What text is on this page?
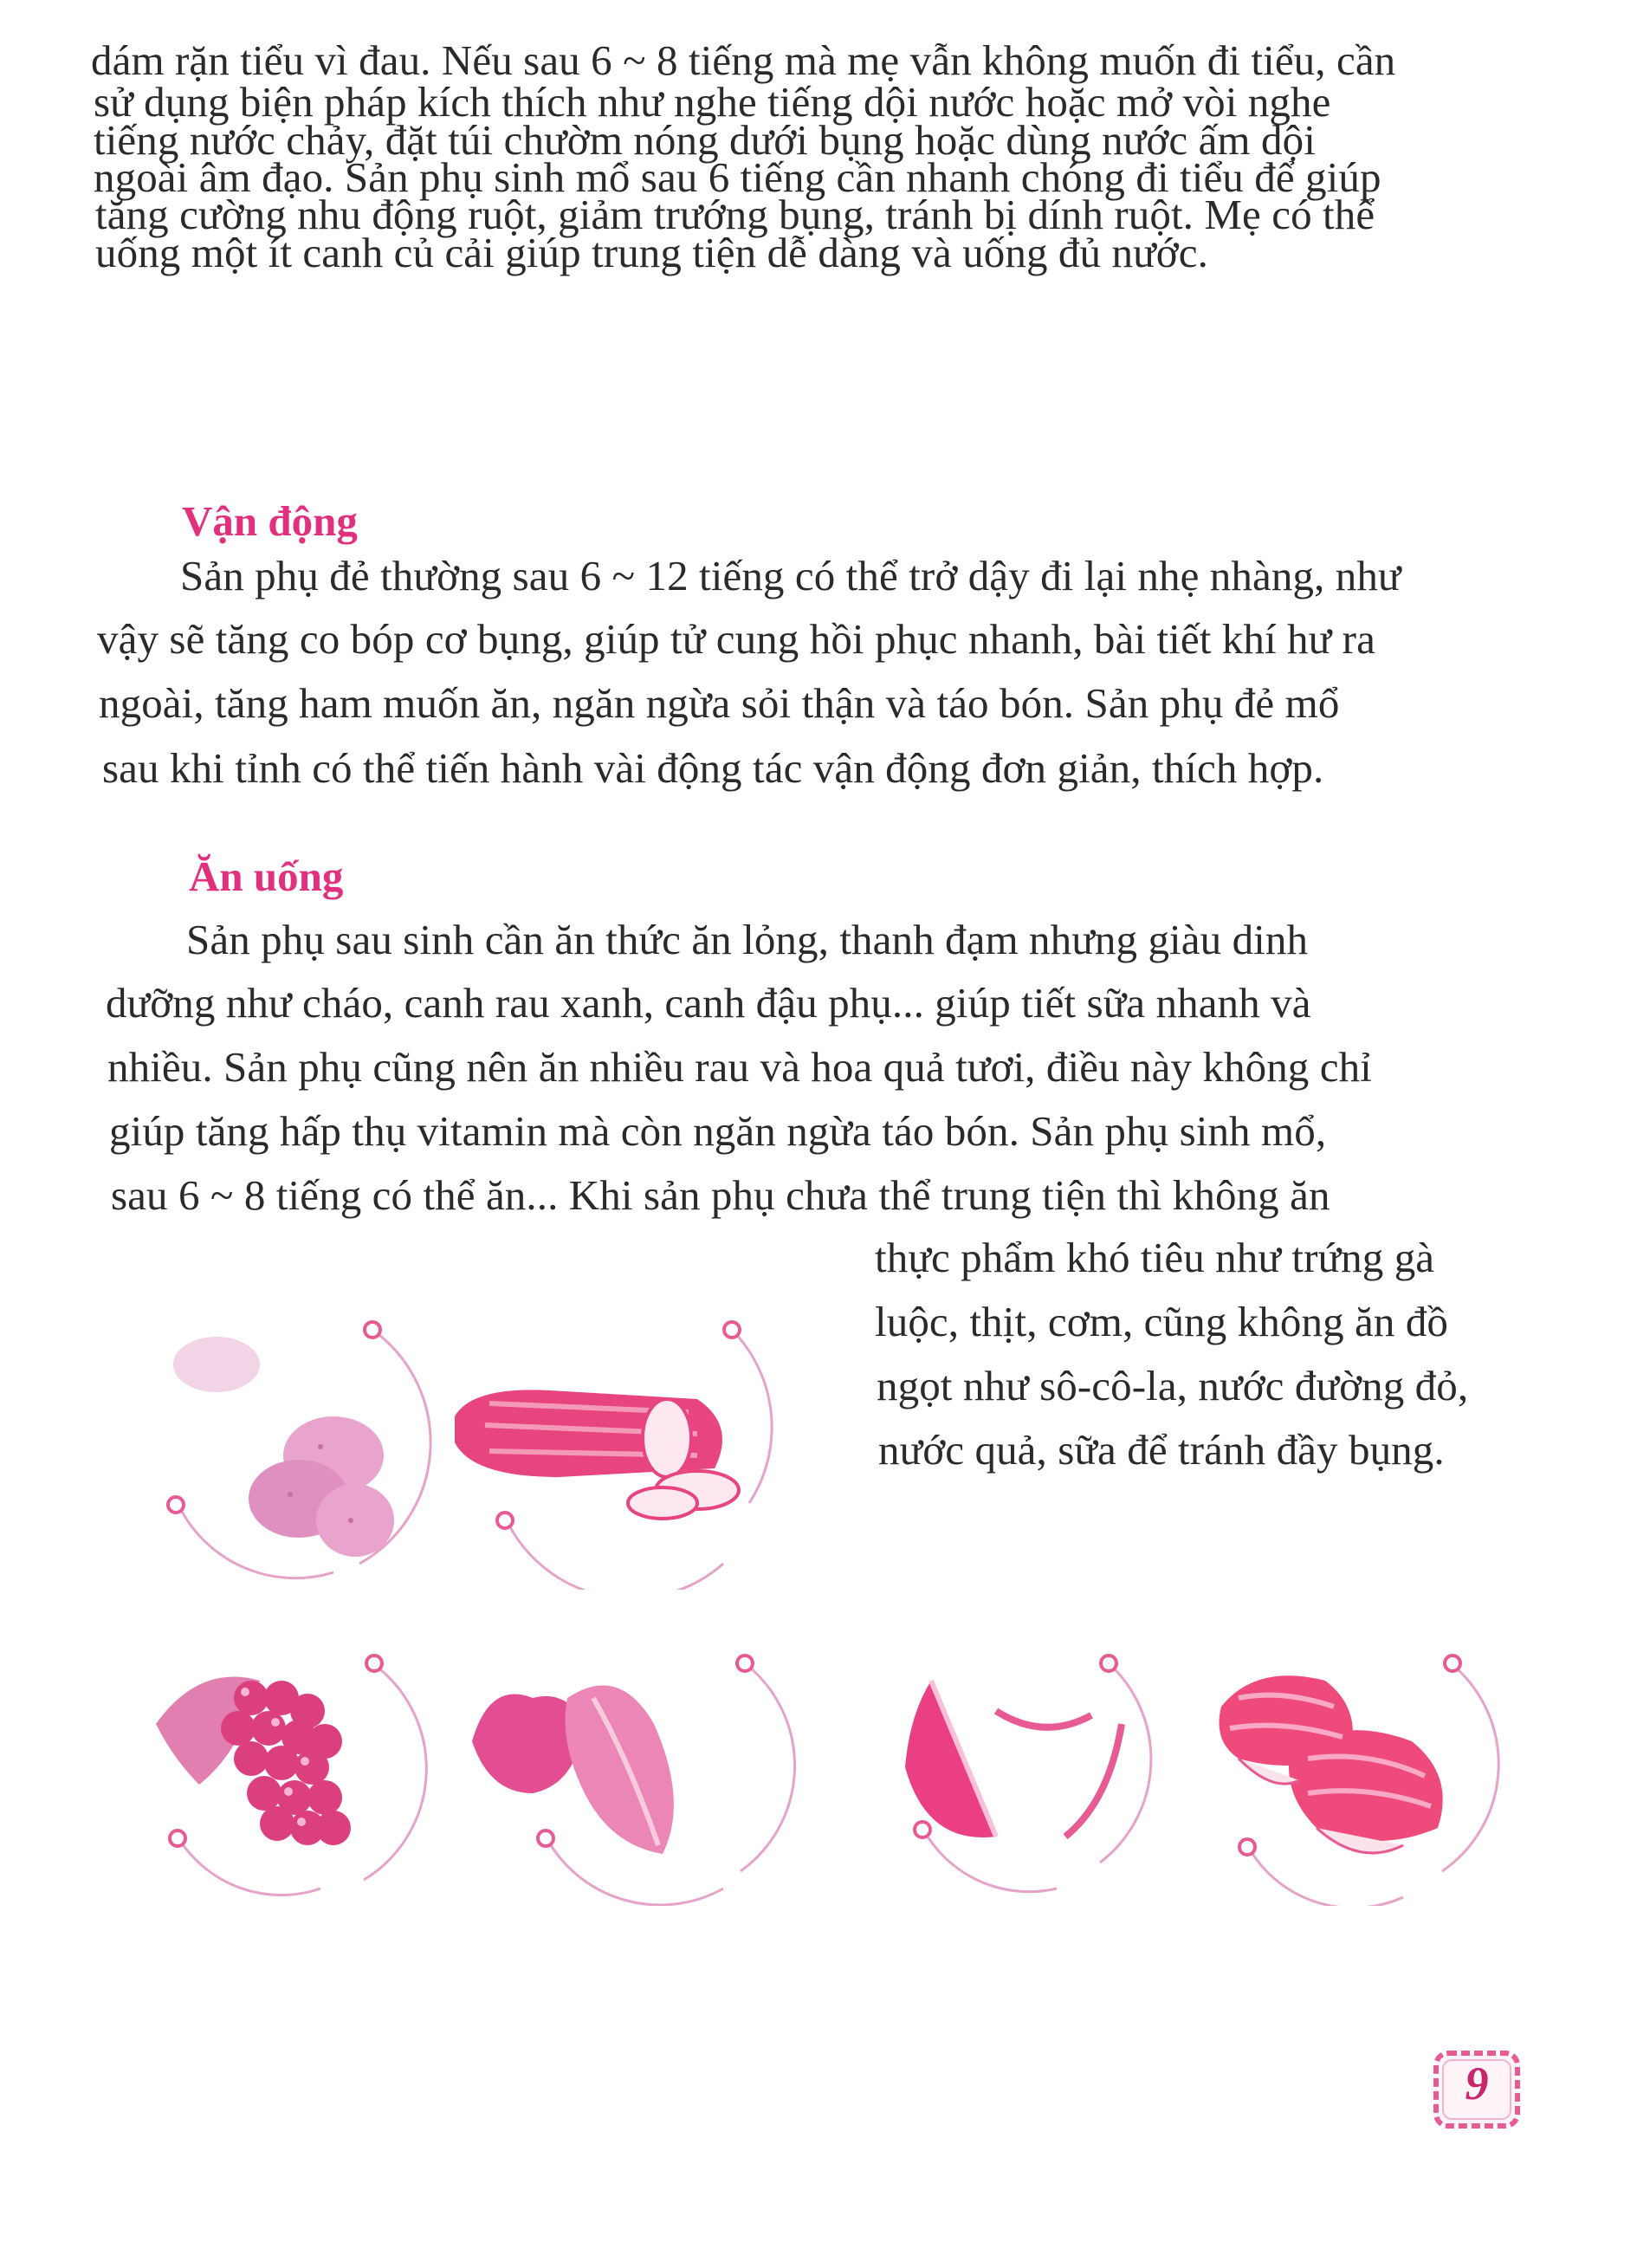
dám rặn tiểu vì đau. Nếu sau 6 ~ 8 tiếng mà mẹ vẫn không muốn đi tiểu, cần
sử dụng biện pháp kích thích như nghe tiếng dội nước hoặc mở vòi nghe
tiếng nước chảy, đặt túi chườm nóng dưới bụng hoặc dùng nước ấm dội
ngoài âm đạo. Sản phụ sinh mổ sau 6 tiếng cần nhanh chóng đi tiểu để giúp
tăng cường nhu động ruột, giảm trướng bụng, tránh bị dính ruột. Mẹ có thể
uống một ít canh củ cải giúp trung tiện dễ dàng và uống đủ nước.
Vận động
Sản phụ đẻ thường sau 6 ~ 12 tiếng có thể trở dậy đi lại nhẹ nhàng, như
vậy sẽ tăng co bóp cơ bụng, giúp tử cung hồi phục nhanh, bài tiết khí hư ra
ngoài, tăng ham muốn ăn, ngăn ngừa sỏi thận và táo bón. Sản phụ đẻ mổ
sau khi tỉnh có thể tiến hành vài động tác vận động đơn giản, thích hợp.
Ăn uống
Sản phụ sau sinh cần ăn thức ăn lỏng, thanh đạm nhưng giàu dinh
dưỡng như cháo, canh rau xanh, canh đậu phụ... giúp tiết sữa nhanh và
nhiều. Sản phụ cũng nên ăn nhiều rau và hoa quả tươi, điều này không chỉ
giúp tăng hấp thụ vitamin mà còn ngăn ngừa táo bón. Sản phụ sinh mổ,
sau 6 ~ 8 tiếng có thể ăn... Khi sản phụ chưa thể trung tiện thì không ăn
thực phẩm khó tiêu như trứng gà
luộc, thịt, cơm, cũng không ăn đồ
ngọt như sô-cô-la, nước đường đỏ,
nước quả, sữa để tránh đầy bụng.
9
